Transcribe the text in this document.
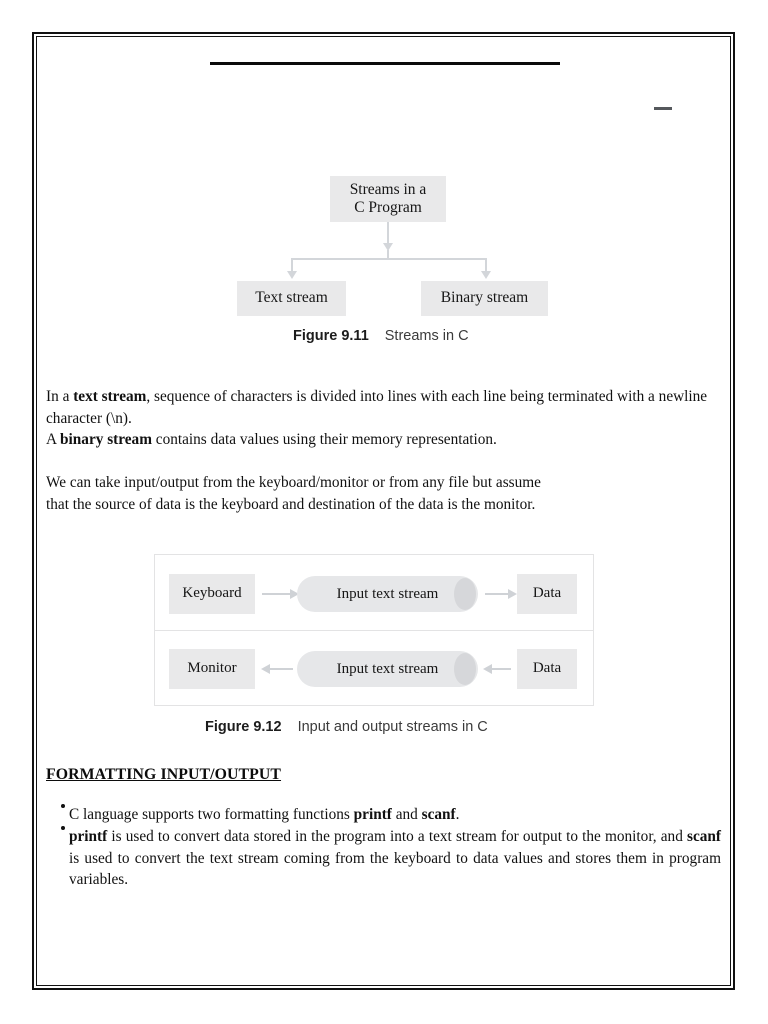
Streams in a
C Program
Text stream	Binary stream
Figure 9.11 Streams in C
In a text stream, sequence of characters is divided into lines with each line being terminated with a newline character (\n).
A binary stream contains data values using their memory representation.
We can take input/output from the keyboard/monitor or from any file but assume
that the source of data is the keyboard and destination of the data is the monitor.
Keyboard	Input text stream	Data
Monitor	Input text stream	Data
Figure 9.12 Input and output streams in C
FORMATTING INPUT/OUTPUT
C language supports two formatting functions printf and scanf.
printf is used to convert data stored in the program into a text stream for output to the monitor, and scanf is used to convert the text stream coming from the keyboard to data values and stores them in program variables.
